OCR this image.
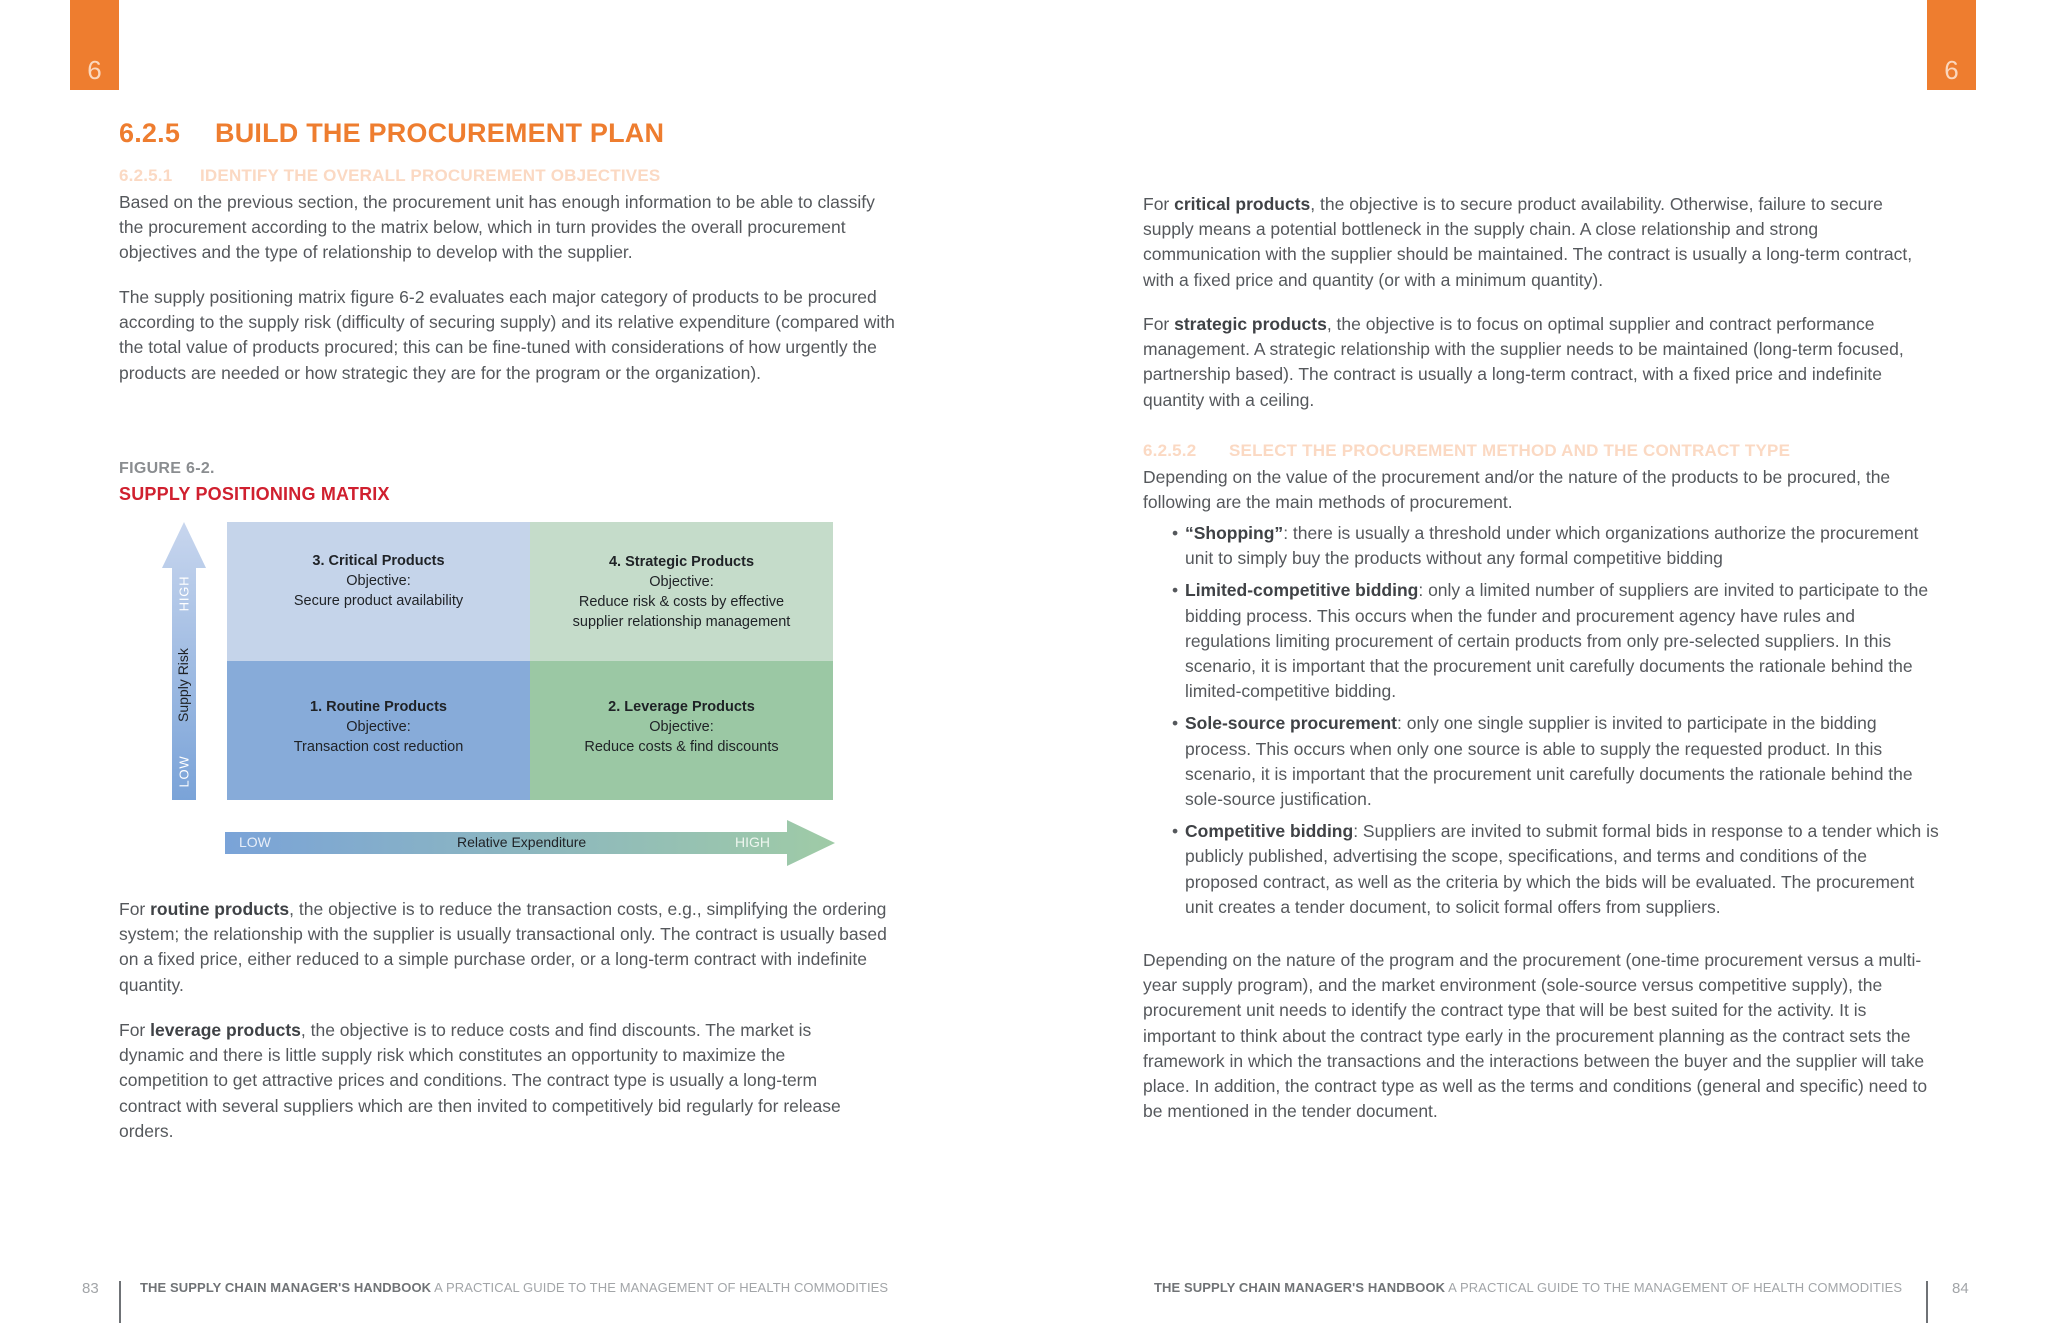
6	6
6.2.5 BUILD THE PROCUREMENT PLAN
6.2.5.1 IDENTIFY THE OVERALL PROCUREMENT OBJECTIVES

Based on the previous section, the procurement unit has enough information to be able to classify the procurement according to the matrix below, which in turn provides the overall procurement objectives and the type of relationship to develop with the supplier.

The supply positioning matrix figure 6-2 evaluates each major category of products to be procured according to the supply risk (difficulty of securing supply) and its relative expenditure (compared with the total value of products procured; this can be fine-tuned with considerations of how urgently the products are needed or how strategic they are for the program or the organization).

FIGURE 6-2.
SUPPLY POSITIONING MATRIX
HIGH
Supply Risk
LOW
3. Critical Products
Objective:
Secure product availability
4. Strategic Products
Objective:
Reduce risk & costs by effective
supplier relationship management
1. Routine Products
Objective:
Transaction cost reduction
2. Leverage Products
Objective:
Reduce costs & find discounts
LOW	Relative Expenditure	HIGH

For routine products, the objective is to reduce the transaction costs, e.g., simplifying the ordering system; the relationship with the supplier is usually transactional only. The contract is usually based on a fixed price, either reduced to a simple purchase order, or a long-term contract with indefinite quantity.

For leverage products, the objective is to reduce costs and find discounts. The market is dynamic and there is little supply risk which constitutes an opportunity to maximize the competition to get attractive prices and conditions. The contract type is usually a long-term contract with several suppliers which are then invited to competitively bid regularly for release orders.

83	THE SUPPLY CHAIN MANAGER'S HANDBOOK A PRACTICAL GUIDE TO THE MANAGEMENT OF HEALTH COMMODITIES

For critical products, the objective is to secure product availability. Otherwise, failure to secure supply means a potential bottleneck in the supply chain. A close relationship and strong communication with the supplier should be maintained. The contract is usually a long-term contract, with a fixed price and quantity (or with a minimum quantity).

For strategic products, the objective is to focus on optimal supplier and contract performance management. A strategic relationship with the supplier needs to be maintained (long-term focused, partnership based). The contract is usually a long-term contract, with a fixed price and indefinite quantity with a ceiling.

6.2.5.2 SELECT THE PROCUREMENT METHOD AND THE CONTRACT TYPE

Depending on the value of the procurement and/or the nature of the products to be procured, the following are the main methods of procurement.

• “Shopping”: there is usually a threshold under which organizations authorize the procurement unit to simply buy the products without any formal competitive bidding
• Limited-competitive bidding: only a limited number of suppliers are invited to participate to the bidding process. This occurs when the funder and procurement agency have rules and regulations limiting procurement of certain products from only pre-selected suppliers. In this scenario, it is important that the procurement unit carefully documents the rationale behind the limited-competitive bidding.
• Sole-source procurement: only one single supplier is invited to participate in the bidding process. This occurs when only one source is able to supply the requested product. In this scenario, it is important that the procurement unit carefully documents the rationale behind the sole-source justification.
• Competitive bidding: Suppliers are invited to submit formal bids in response to a tender which is publicly published, advertising the scope, specifications, and terms and conditions of the proposed contract, as well as the criteria by which the bids will be evaluated. The procurement unit creates a tender document, to solicit formal offers from suppliers.

Depending on the nature of the program and the procurement (one-time procurement versus a multi-year supply program), and the market environment (sole-source versus competitive supply), the procurement unit needs to identify the contract type that will be best suited for the activity. It is important to think about the contract type early in the procurement planning as the contract sets the framework in which the transactions and the interactions between the buyer and the supplier will take place. In addition, the contract type as well as the terms and conditions (general and specific) need to be mentioned in the tender document.

THE SUPPLY CHAIN MANAGER'S HANDBOOK A PRACTICAL GUIDE TO THE MANAGEMENT OF HEALTH COMMODITIES	84
